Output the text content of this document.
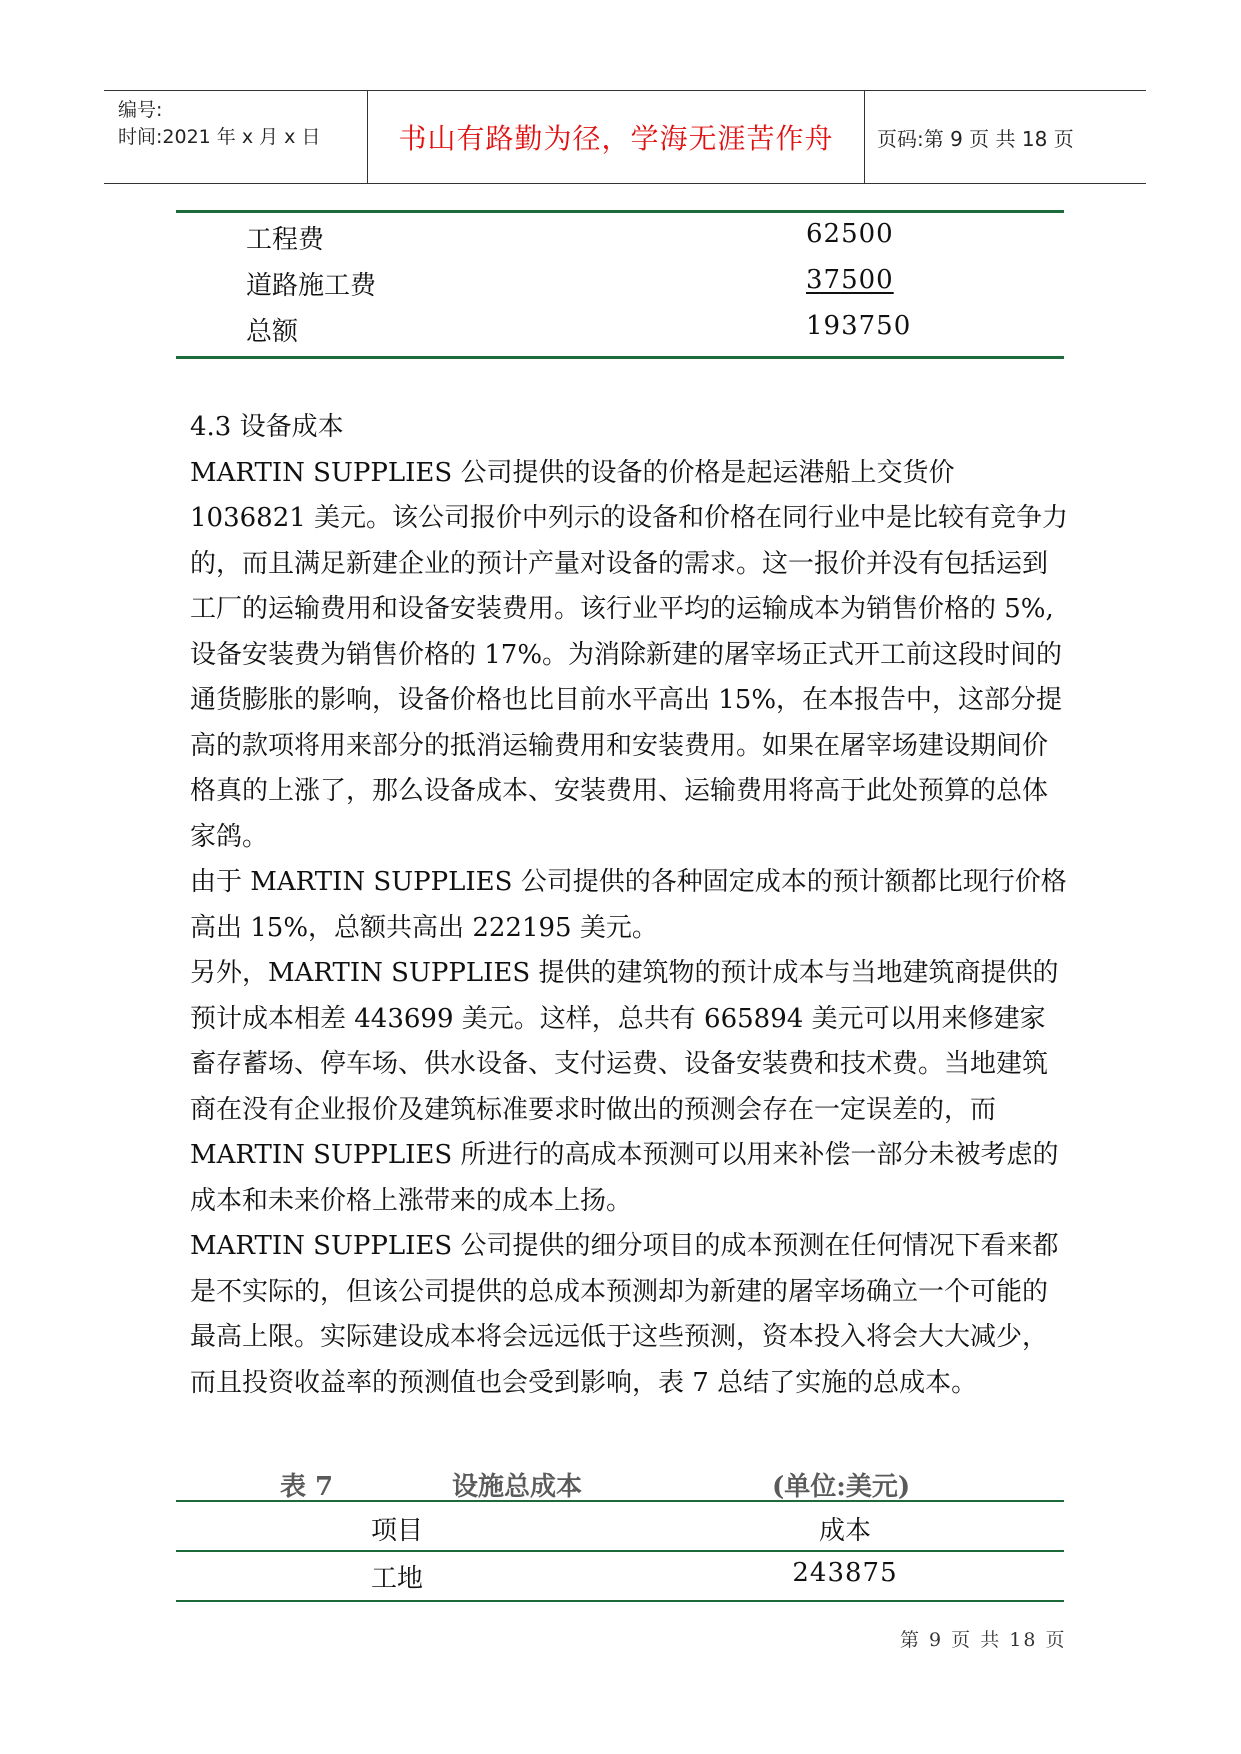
编号:
时间:2021 年 x 月 x 日	书山有路勤为径，学海无涯苦作舟 页码:第 9 页 共 18 页
工程费	62500
道路施工费	37500
总额	193750

4.3 设备成本

MARTIN SUPPLIES 公司提供的设备的价格是起运港船上交货价 1036821 美元。该公司报价中列示的设备和价格在同行业中是比较有竞争力的，而且满足新建企业的预计产量对设备的需求。这一报价并没有包括运到工厂的运输费用和设备安装费用。该行业平均的运输成本为销售价格的 5%,设备安装费为销售价格的 17%。为消除新建的屠宰场正式开工前这段时间的通货膨胀的影响，设备价格也比目前水平高出 15%，在本报告中，这部分提高的款项将用来部分的抵消运输费用和安装费用。如果在屠宰场建设期间价格真的上涨了，那么设备成本、安装费用、运输费用将高于此处预算的总体家鸽。

由于 MARTIN SUPPLIES 公司提供的各种固定成本的预计额都比现行价格高出 15%，总额共高出 222195 美元。

另外，MARTIN SUPPLIES 提供的建筑物的预计成本与当地建筑商提供的预计成本相差 443699 美元。这样，总共有 665894 美元可以用来修建家畜存蓄场、停车场、供水设备、支付运费、设备安装费和技术费。当地建筑商在没有企业报价及建筑标准要求时做出的预测会存在一定误差的，而 MARTIN SUPPLIES 所进行的高成本预测可以用来补偿一部分未被考虑的成本和未来价格上涨带来的成本上扬。

MARTIN SUPPLIES 公司提供的细分项目的成本预测在任何情况下看来都是不实际的，但该公司提供的总成本预测却为新建的屠宰场确立一个可能的最高上限。实际建设成本将会远远低于这些预测，资本投入将会大大减少，而且投资收益率的预测值也会受到影响，表 7 总结了实施的总成本。

表 7	设施总成本	(单位:美元)
项目	成本
工地	243875
第 9 页 共 18 页
